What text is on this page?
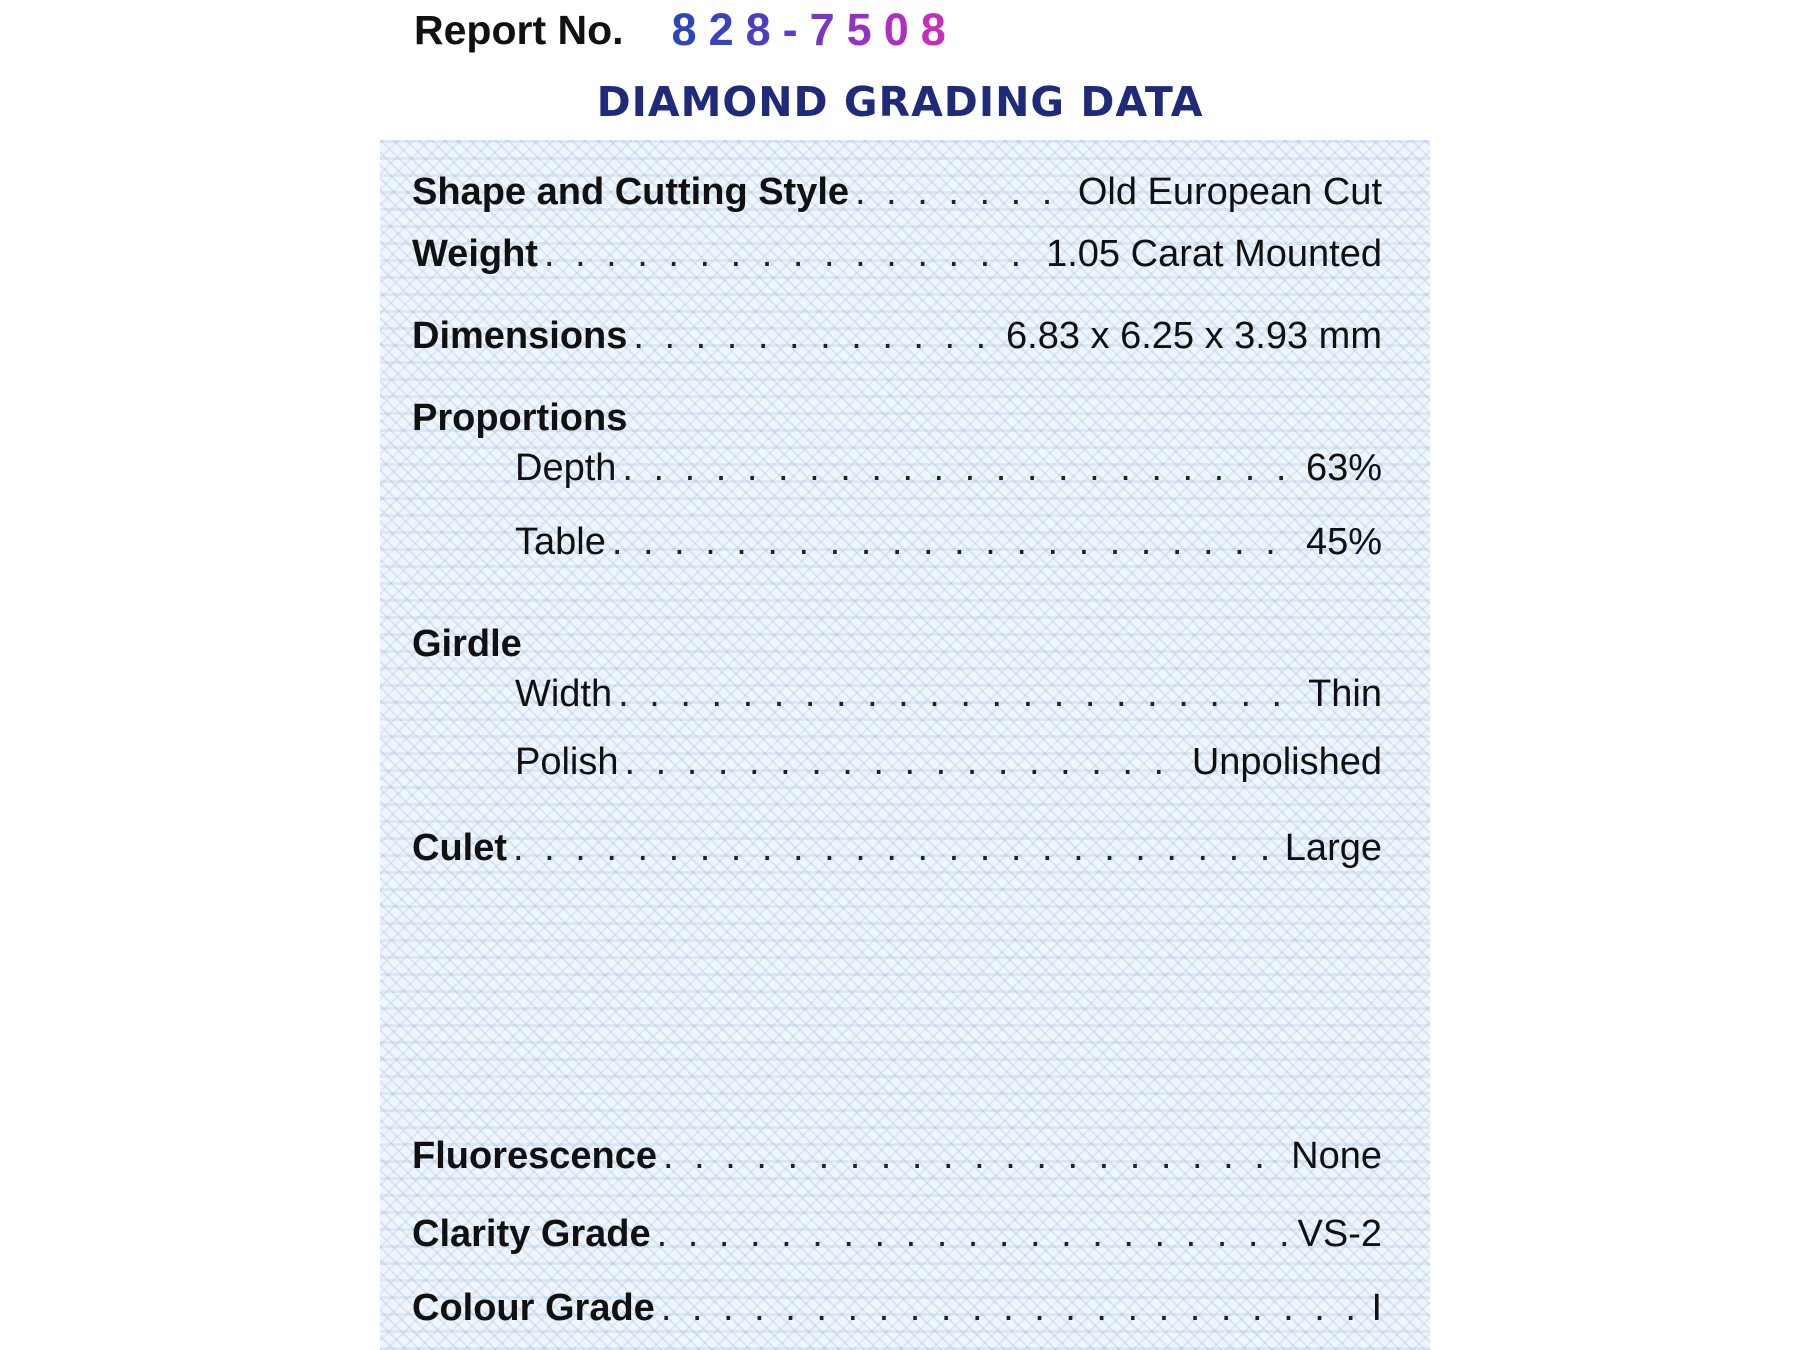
Report No. 828-7508
DIAMOND GRADING DATA
Shape and Cutting Style . . .	Old European Cut
Weight . . .	1.05 Carat Mounted
Dimensions . . .	6.83 x 6.25 x 3.93 mm
Proportions
Depth . . .	63%
Table . . .	45%
Girdle
Width . . .	Thin
Polish . . .	Unpolished
Culet . . .	Large
Fluorescence . . .	None
Clarity Grade . . .	VS-2
Colour Grade . . .	I
